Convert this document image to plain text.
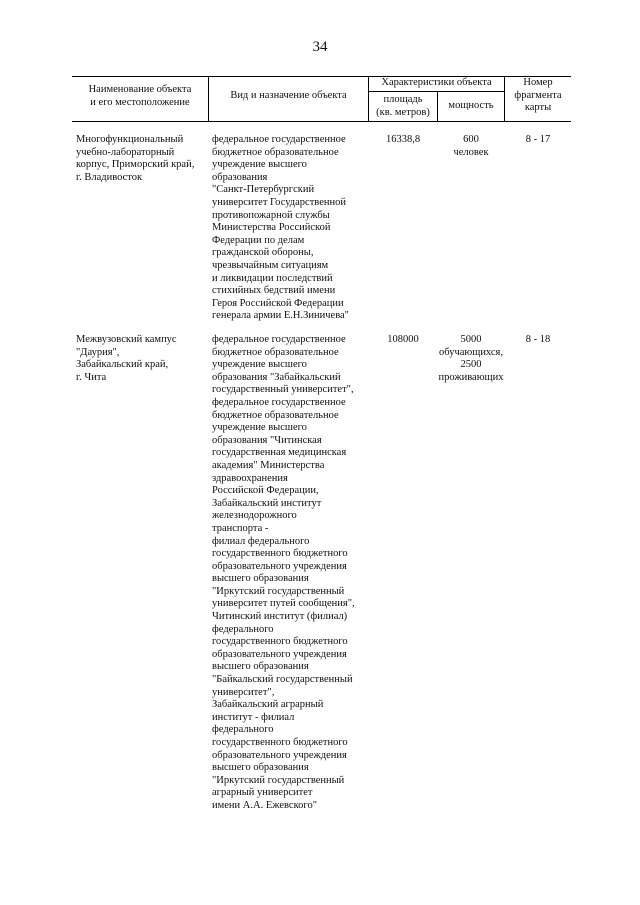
34
Наименование объекта
и его местоположение
Вид и назначение объекта
Характеристики объекта
площадь
(кв. метров)
мощность
Номер
фрагмента
карты
Многофункциональный
учебно-лабораторный
корпус, Приморский край,
г. Владивосток
федеральное государственное
бюджетное образовательное
учреждение высшего
образования
"Санкт-Петербургский
университет Государственной
противопожарной службы
Министерства Российской
Федерации по делам
гражданской обороны,
чрезвычайным ситуациям
и ликвидации последствий
стихийных бедствий имени
Героя Российской Федерации
генерала армии Е.Н.Зиничева"
16338,8	600
человек
8 - 17
Межвузовский кампус
"Даурия",
Забайкальский край,
г. Чита
федеральное государственное
бюджетное образовательное
учреждение высшего
образования "Забайкальский
государственный университет",
федеральное государственное
бюджетное образовательное
учреждение высшего
образования "Читинская
государственная медицинская
академия" Министерства
здравоохранения
Российской Федерации,
Забайкальский институт
железнодорожного
транспорта -
филиал федерального
государственного бюджетного
образовательного учреждения
высшего образования
"Иркутский государственный
университет путей сообщения",
Читинский институт (филиал)
федерального
государственного бюджетного
образовательного учреждения
высшего образования
"Байкальский государственный
университет",
Забайкальский аграрный
институт - филиал
федерального
государственного бюджетного
образовательного учреждения
высшего образования
"Иркутский государственный
аграрный университет
имени А.А. Ежевского"
108000	5000
обучающихся,
2500
проживающих
8 - 18
